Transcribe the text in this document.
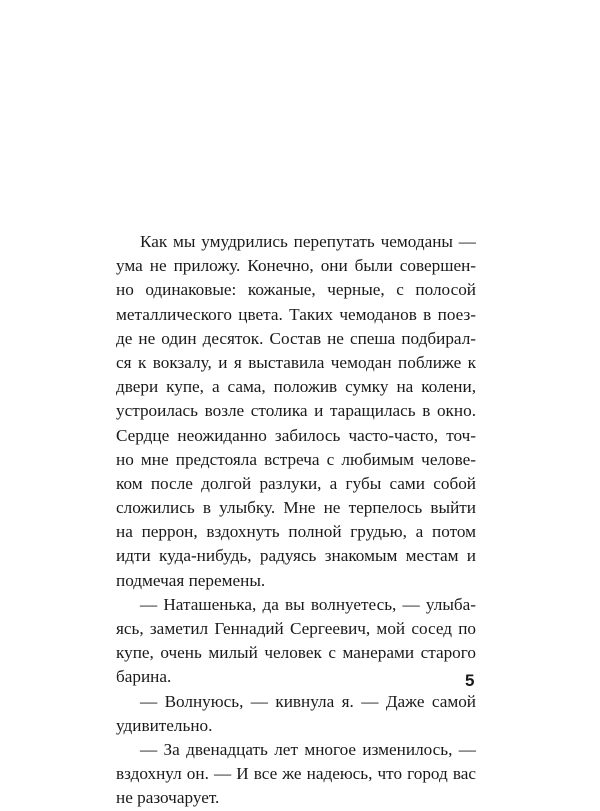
Как мы умудрились перепутать чемоданы —
ума не приложу. Конечно, они были совершен-
но одинаковые: кожаные, черные, с полосой
металлического цвета. Таких чемоданов в поез-
де не один десяток. Состав не спеша подбирал-
ся к вокзалу, и я выставила чемодан поближе к
двери купе, а сама, положив сумку на колени,
устроилась возле столика и таращилась в окно.
Сердце неожиданно забилось часто-часто, точ-
но мне предстояла встреча с любимым челове-
ком после долгой разлуки, а губы сами собой
сложились в улыбку. Мне не терпелось выйти
на перрон, вздохнуть полной грудью, а потом
идти куда-нибудь, радуясь знакомым местам и
подмечая перемены.
— Наташенька, да вы волнуетесь, — улыба-
ясь, заметил Геннадий Сергеевич, мой сосед по
купе, очень милый человек с манерами старого
барина.
— Волнуюсь, — кивнула я. — Даже самой
удивительно.
— За двенадцать лет многое изменилось, —
вздохнул он. — И все же надеюсь, что город вас
не разочарует.
5
